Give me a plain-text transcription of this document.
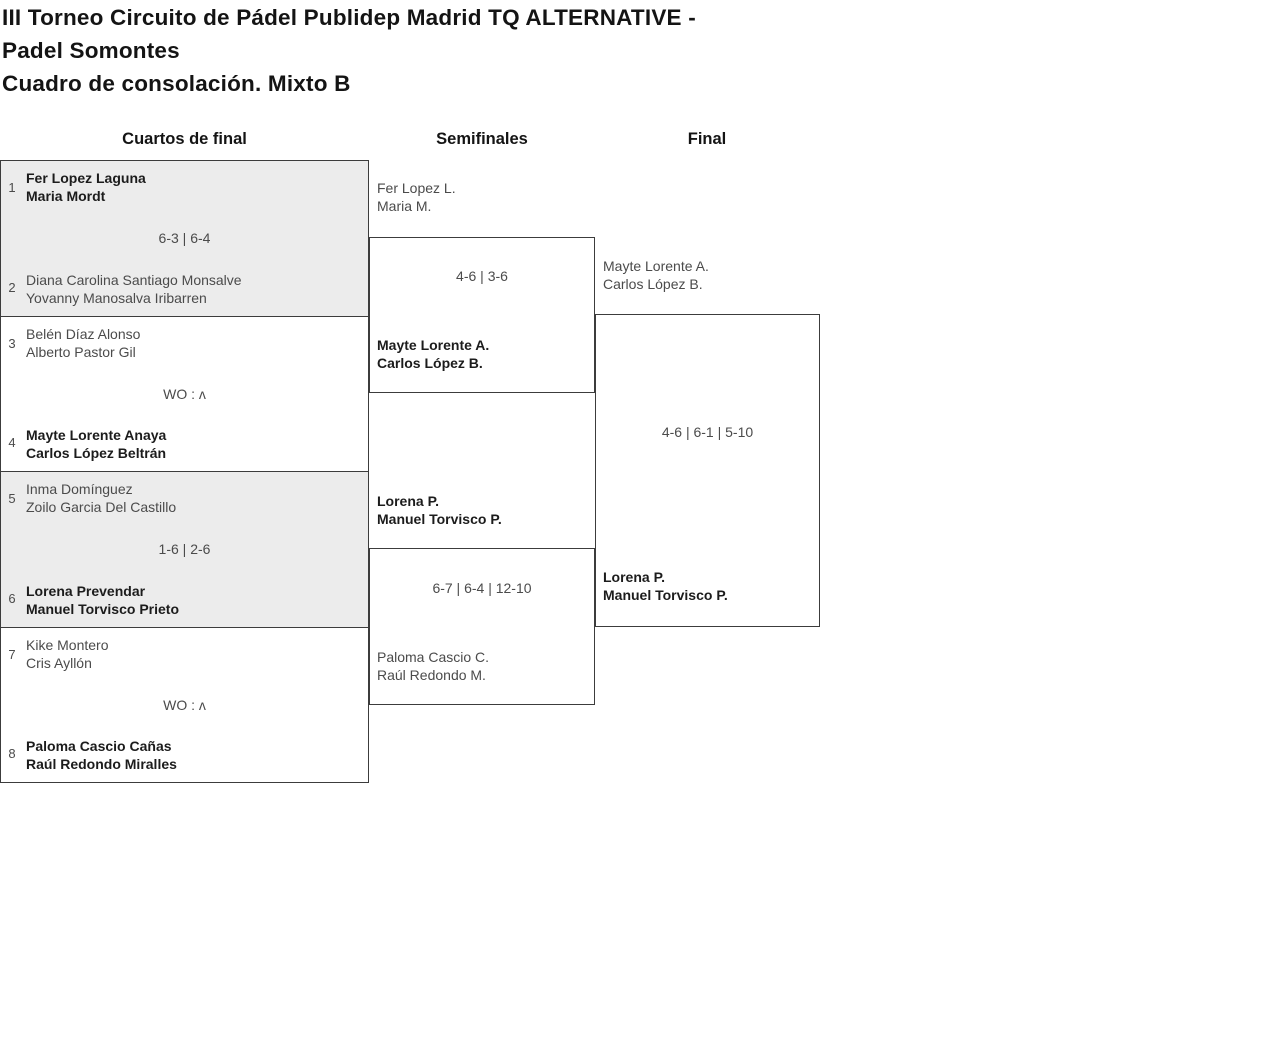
III Torneo Circuito de Pádel Publidep Madrid TQ ALTERNATIVE -
Padel Somontes
Cuadro de consolación. Mixto B
Cuartos de final	Semifinales	Final
1
Fer Lopez Laguna
Maria Mordt
6-3 | 6-4
2 Diana Carolina Santiago Monsalve
Yovanny Manosalva Iribarren
3
Belén Díaz Alonso
Alberto Pastor Gil
WO : ʌ
4 Mayte Lorente Anaya
Carlos López Beltrán
5
Inma Domínguez
Zoilo Garcia Del Castillo
1-6 | 2-6
6 Lorena Prevendar
Manuel Torvisco Prieto
7
Kike Montero
Cris Ayllón
WO : ʌ
8 Paloma Cascio Cañas
Raúl Redondo Miralles
Fer Lopez L.
Maria M.
4-6 | 3-6
Mayte Lorente A.
Carlos López B.
Lorena P.
Manuel Torvisco P.
6-7 | 6-4 | 12-10
Paloma Cascio C.
Raúl Redondo M.
Mayte Lorente A.
Carlos López B.
4-6 | 6-1 | 5-10
Lorena P.
Manuel Torvisco P.
